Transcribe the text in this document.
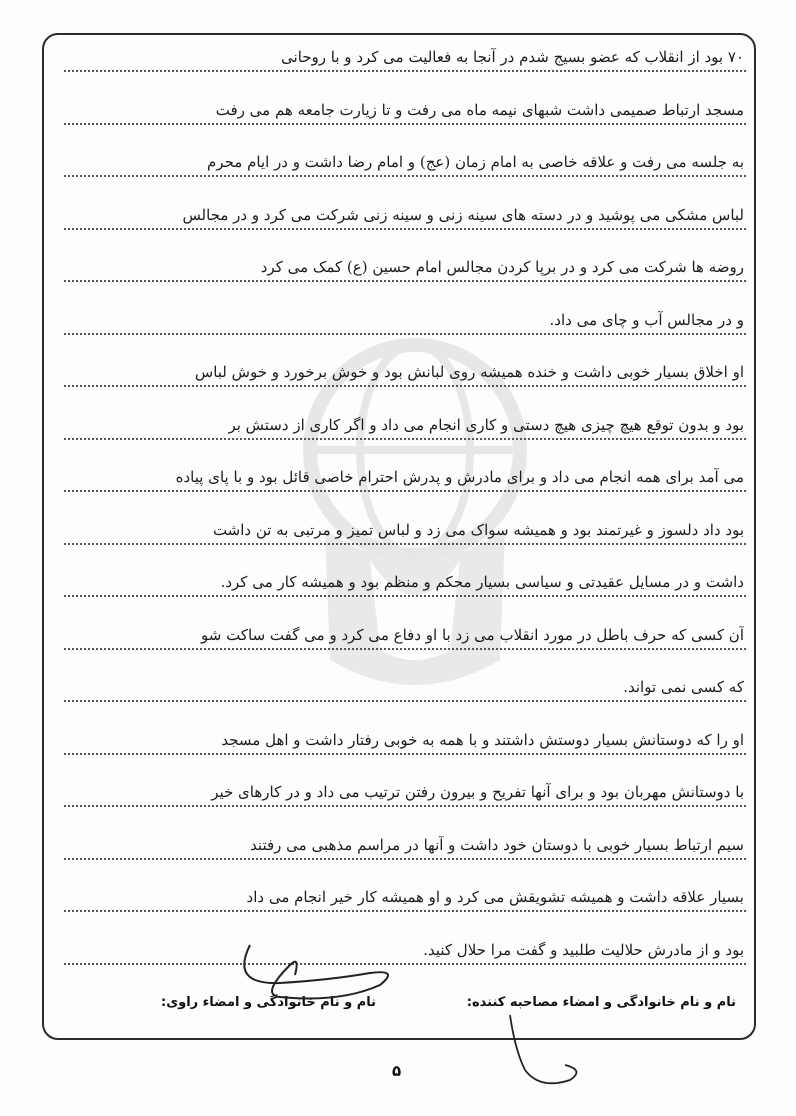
۷۰ بود از انقلاب که عضو بسیج شدم در آنجا به فعالیت می کرد و با روحانی
مسجد ارتباط صمیمی داشت شبهای نیمه ماه می رفت و تا زیارت جامعه هم می رفت
به جلسه می رفت و علاقه خاصی به امام زمان (عج) و امام رضا داشت و در ایام محرم
لباس مشکی می پوشید و در دسته های سینه زنی و سینه زنی شرکت می کرد و در مجالس
روضه ها شرکت می کرد و در برپا کردن مجالس امام حسین (ع) کمک می کرد
و در مجالس آب و چای می داد.
او اخلاق بسیار خوبی داشت و خنده همیشه روی لبانش بود و خوش برخورد و خوش لباس
بود و بدون توقع هیچ چیزی هیچ دستی و کاری انجام می داد و اگر کاری از دستش بر
می آمد برای همه انجام می داد و برای مادرش و پدرش احترام خاصی قائل بود و با پای پیاده
بود داد دلسوز و غیرتمند بود و همیشه سواک می زد و لباس تمیز و مرتبی به تن داشت
داشت و در مسایل عقیدتی و سیاسی بسیار محکم و منظم بود و همیشه کار می کرد.
آن کسی که حرف باطل در مورد انقلاب می زد با او دفاع می کرد و می گفت ساکت شو
که کسی نمی تواند.
او را که دوستانش بسیار دوستش داشتند و با همه به خوبی رفتار داشت و اهل مسجد
با دوستانش مهربان بود و برای آنها تفریح و بیرون رفتن ترتیب می داد و در کارهای خیر
سیم ارتباط بسیار خوبی با دوستان خود داشت و آنها در مراسم مذهبی می رفتند
بسیار علاقه داشت و همیشه تشویقش می کرد و او همیشه کار خیر انجام می داد
بود و از مادرش حلالیت طلبید و گفت مرا حلال کنید.
نام و نام خانوادگی و امضاء مصاحبه کننده:
نام و نام خانوادگی و امضاء راوی:
۵
